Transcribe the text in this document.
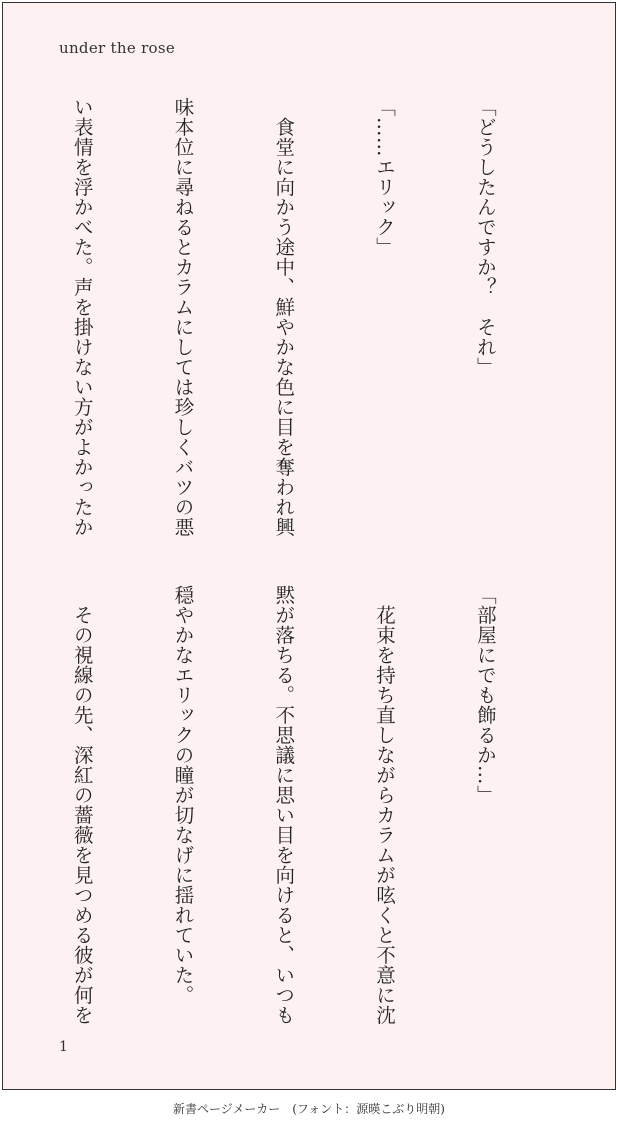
under the rose

「どうしたんですか？　それ」

「……エリック」

　食堂に向かう途中、鮮やかな色に目を奪われ興

味本位に尋ねるとカラムにしては珍しくバツの悪

い表情を浮かべた。声を掛けない方がよかったか

「部屋にでも飾るか…」

　花束を持ち直しながらカラムが呟くと不意に沈

黙が落ちる。不思議に思い目を向けると、いつも

穏やかなエリックの瞳が切なげに揺れていた。

　その視線の先、深紅の薔薇を見つめる彼が何を

1
新書ページメーカー　(フォント：源暎こぶり明朝)
